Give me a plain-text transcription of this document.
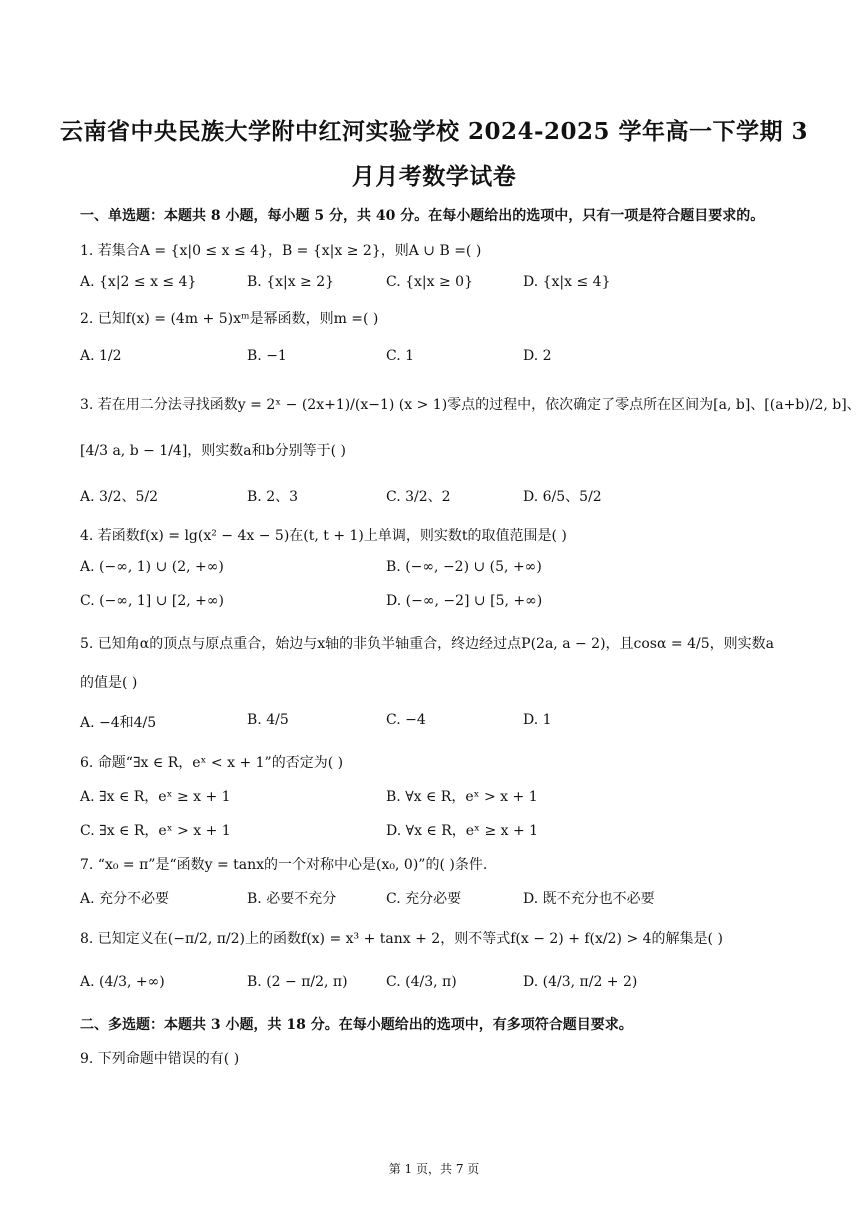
云南省中央民族大学附中红河实验学校 2024-2025 学年高一下学期 3
月月考数学试卷
一、单选题：本题共 8 小题，每小题 5 分，共 40 分。在每小题给出的选项中，只有一项是符合题目要求的。
1. 若集合A = {x|0 ≤ x ≤ 4}，B = {x|x ≥ 2}，则A ∪ B =( )
A. {x|2 ≤ x ≤ 4}	B. {x|x ≥ 2}	C. {x|x ≥ 0}	D. {x|x ≤ 4}
2. 已知f(x) = (4m + 5)xᵐ是幂函数，则m =( )
A. 1/2	B. −1	C. 1	D. 2
3. 若在用二分法寻找函数y = 2ˣ − (2x+1)/(x−1) (x > 1)零点的过程中，依次确定了零点所在区间为[a, b]、[(a+b)/2, b]、
[4/3 a, b − 1/4]，则实数a和b分别等于( )
A. 3/2、5/2	B. 2、3	C. 3/2、2	D. 6/5、5/2
4. 若函数f(x) = lg(x² − 4x − 5)在(t, t + 1)上单调，则实数t的取值范围是( )
A. (−∞, 1) ∪ (2, +∞)	B. (−∞, −2) ∪ (5, +∞)
C. (−∞, 1] ∪ [2, +∞)	D. (−∞, −2] ∪ [5, +∞)
5. 已知角α的顶点与原点重合，始边与x轴的非负半轴重合，终边经过点P(2a, a − 2)，且cosα = 4/5，则实数a
的值是( )
A. −4和4/5	B. 4/5	C. −4	D. 1
6. 命题“∃x ∈ R，eˣ < x + 1”的否定为( )
A. ∃x ∈ R，eˣ ≥ x + 1	B. ∀x ∈ R，eˣ > x + 1
C. ∃x ∈ R，eˣ > x + 1	D. ∀x ∈ R，eˣ ≥ x + 1
7. “x₀ = π”是“函数y = tanx的一个对称中心是(x₀, 0)”的( )条件.
A. 充分不必要	B. 必要不充分	C. 充分必要	D. 既不充分也不必要
8. 已知定义在(−π/2, π/2)上的函数f(x) = x³ + tanx + 2，则不等式f(x − 2) + f(x/2) > 4的解集是( )
A. (4/3, +∞)	B. (2 − π/2, π)	C. (4/3, π)	D. (4/3, π/2 + 2)
二、多选题：本题共 3 小题，共 18 分。在每小题给出的选项中，有多项符合题目要求。
9. 下列命题中错误的有( )
第 1 页，共 7 页
